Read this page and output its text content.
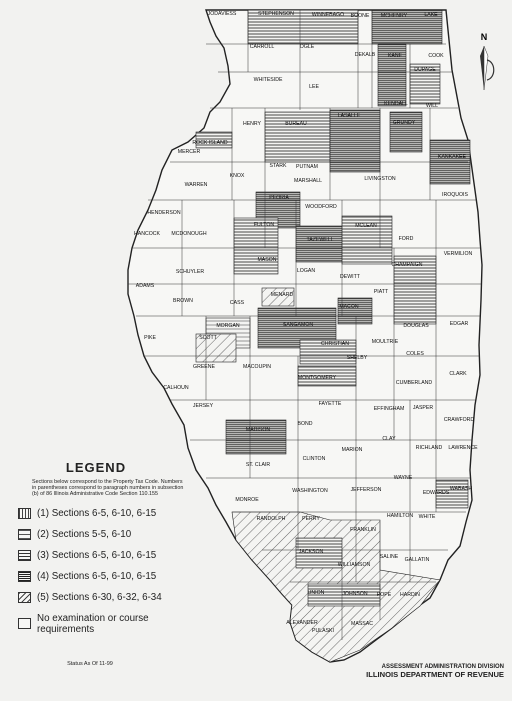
N
JODAVIESS	STEPHENSON	WINNEBAGO BOONE MCHENRY	LAKE
CARROLL	OGLE
DEKALB KANE	COOK
DUPAGE
WHITESIDE
LEE
KENDALL	WILL
HENRY	BUREAU
LASALLE
GRUNDY
ROCK ISLAND
MERCER
KANKAKEE
STARK PUTNAM
KNOX
MARSHALL	LIVINGSTON
WARREN
IROQUOIS
PEORIA
WOODFORD
HENDERSON
FULTON
HANCOCK MCDONOUGH
MCLEAN
TAZEWELL	FORD
VERMILION
MASON
CHAMPAIGN
LOGAN
SCHUYLER
DEWITT
ADAMS
PIATT
MENARD
BROWN	CASS
MACON
DOUGLAS	EDGAR
MORGAN	SANGAMON
SCOTT
PIKE
MOULTRIE
CHRISTIAN
SHELBY
COLES
GREENE	MACOUPIN
CLARK
MONTGOMERY
CALHOUN
CUMBERLAND
FAYETTE
JERSEY	EFFINGHAM JASPER
CRAWFORD
BOND
MADISON
CLAY
MARION	RICHLAND LAWRENCE
ST. CLAIR
CLINTON
WAYNE
EDWARDS
WABASH
MONROE
WASHINGTON	JEFFERSON
RANDOLPH	PERRY	HAMILTON WHITE
FRANKLIN
JACKSON
WILLIAMSON
SALINE GALLATIN
UNION	JOHNSON POPE HARDIN
ALEXANDER
PULASKI
MASSAC
LEGEND
Sections below correspond to the Property Tax Code. Numbers in parentheses correspond to paragraph numbers in subsection (b) of 86 Illinois Administrative Code Section 110.155
(1) Sections 6-5, 6-10, 6-15
(2) Sections 5-5, 6-10
(3) Sections 6-5, 6-10, 6-15
(4) Sections 6-5, 6-10, 6-15
(5) Sections 6-30, 6-32, 6-34
No examination or course requirements
Status As Of 11-99	ASSESSMENT ADMINISTRATION DIVISION
ILLINOIS DEPARTMENT OF REVENUE
